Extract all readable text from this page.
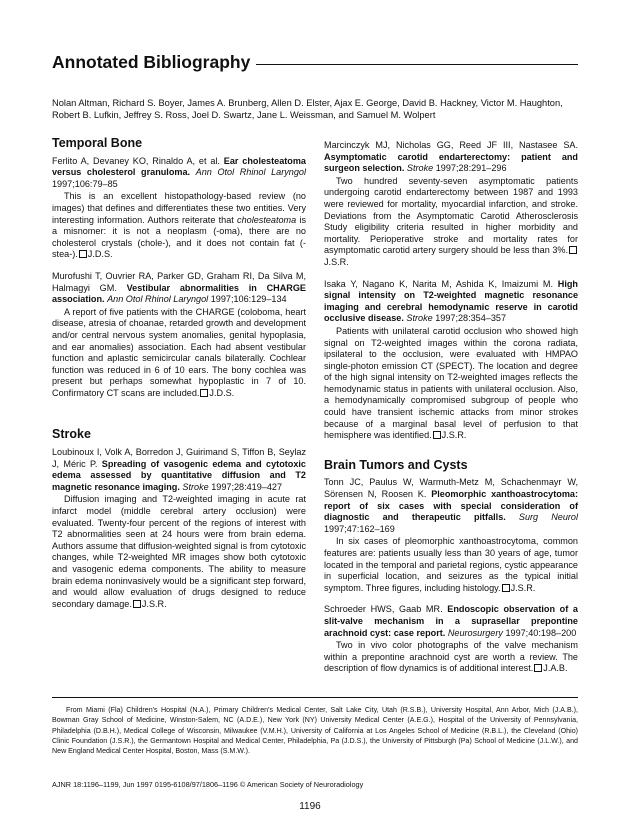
Annotated Bibliography
Nolan Altman, Richard S. Boyer, James A. Brunberg, Allen D. Elster, Ajax E. George, David B. Hackney, Victor M. Haughton, Robert B. Lufkin, Jeffrey S. Ross, Joel D. Swartz, Jane L. Weissman, and Samuel M. Wolpert
Temporal Bone
Ferlito A, Devaney KO, Rinaldo A, et al. Ear cholesteatoma versus cholesterol granuloma. Ann Otol Rhinol Laryngol 1997;106:79–85
This is an excellent histopathology-based review (no images) that defines and differentiates these two entities. Very interesting information. Authors reiterate that cholesteatoma is a misnomer: it is not a neoplasm (-oma), there are no cholesterol crystals (chole-), and it does not contain fat (-stea-). J.D.S.
Murofushi T, Ouvrier RA, Parker GD, Graham RI, Da Silva M, Halmagyi GM. Vestibular abnormalities in CHARGE association. Ann Otol Rhinol Laryngol 1997;106:129–134
A report of five patients with the CHARGE (coloboma, heart disease, atresia of choanae, retarded growth and development and/or central nervous system anomalies, genital hypoplasia, and ear anomalies) association. Each had absent vestibular function and aplastic semicircular canals bilaterally. Cochlear function was reduced in 6 of 10 ears. The bony cochlea was present but perhaps somewhat hypoplastic in 7 of 10. Confirmatory CT scans are included. J.D.S.
Stroke
Loubinoux I, Volk A, Borredon J, Guirimand S, Tiffon B, Seylaz J, Méric P. Spreading of vasogenic edema and cytotoxic edema assessed by quantitative diffusion and T2 magnetic resonance imaging. Stroke 1997;28:419–427
Diffusion imaging and T2-weighted imaging in acute rat infarct model (middle cerebral artery occlusion) were evaluated. Twenty-four percent of the regions of interest with T2 abnormalities seen at 24 hours were from brain edema. Authors assume that diffusion-weighted signal is from cytotoxic changes, while T2-weighted MR images show both cytotoxic and vasogenic edema components. The ability to measure brain edema noninvasively would be a significant step forward, and would allow evaluation of drugs designed to reduce secondary damage. J.S.R.
Marcinczyk MJ, Nicholas GG, Reed JF III, Nastasee SA. Asymptomatic carotid endarterectomy: patient and surgeon selection. Stroke 1997;28:291–296
Two hundred seventy-seven asymptomatic patients undergoing carotid endarterectomy between 1987 and 1993 were reviewed for mortality, myocardial infarction, and stroke. Deviations from the Asymptomatic Carotid Atherosclerosis Study eligibility criteria resulted in higher morbidity and mortality. Perioperative stroke and mortality rates for asymptomatic carotid artery surgery should be less than 3%.J.S.R.
Isaka Y, Nagano K, Narita M, Ashida K, Imaizumi M. High signal intensity on T2-weighted magnetic resonance imaging and cerebral hemodynamic reserve in carotid occlusive disease. Stroke 1997;28:354–357
Patients with unilateral carotid occlusion who showed high signal on T2-weighted images within the corona radiata, ipsilateral to the occlusion, were evaluated with HMPAO single-photon emission CT (SPECT). The location and degree of the high signal intensity on T2-weighted images reflects the hemodynamic status in patients with unilateral occlusion. Also, a hemodynamically compromised subgroup of people who could have transient ischemic attacks from minor strokes because of a marginal basal level of perfusion to that hemisphere was identified. J.S.R.
Brain Tumors and Cysts
Tonn JC, Paulus W, Warmuth-Metz M, Schachenmayr W, Sörensen N, Roosen K. Pleomorphic xanthoastrocytoma: report of six cases with special consideration of diagnostic and therapeutic pitfalls. Surg Neurol 1997;47:162–169
In six cases of pleomorphic xanthoastrocytoma, common features are: patients usually less than 30 years of age, tumor located in the temporal and parietal regions, cystic appearance in superficial location, and seizures as the typical initial symptom. Three figures, including histology. J.S.R.
Schroeder HWS, Gaab MR. Endoscopic observation of a slit-valve mechanism in a suprasellar prepontine arachnoid cyst: case report. Neurosurgery 1997;40:198–200
Two in vivo color photographs of the valve mechanism within a prepontine arachnoid cyst are worth a review. The description of flow dynamics is of additional interest. J.A.B.
From Miami (Fla) Children's Hospital (N.A.), Primary Children's Medical Center, Salt Lake City, Utah (R.S.B.), University Hospital, Ann Arbor, Mich (J.A.B.), Bowman Gray School of Medicine, Winston-Salem, NC (A.D.E.), New York (NY) University Medical Center (A.E.G.), Hospital of the University of Pennsylvania, Philadelphia (D.B.H.), Medical College of Wisconsin, Milwaukee (V.M.H.), University of California at Los Angeles School of Medicine (R.B.L.), the Cleveland (Ohio) Clinic Foundation (J.S.R.), the Germantown Hospital and Medical Center, Philadelphia, Pa (J.D.S.), the University of Pittsburgh (Pa) School of Medicine (J.L.W.), and New England Medical Center Hospital, Boston, Mass (S.M.W.).
AJNR 18:1196–1199, Jun 1997 0195-6108/97/1806–1196 © American Society of Neuroradiology
1196
